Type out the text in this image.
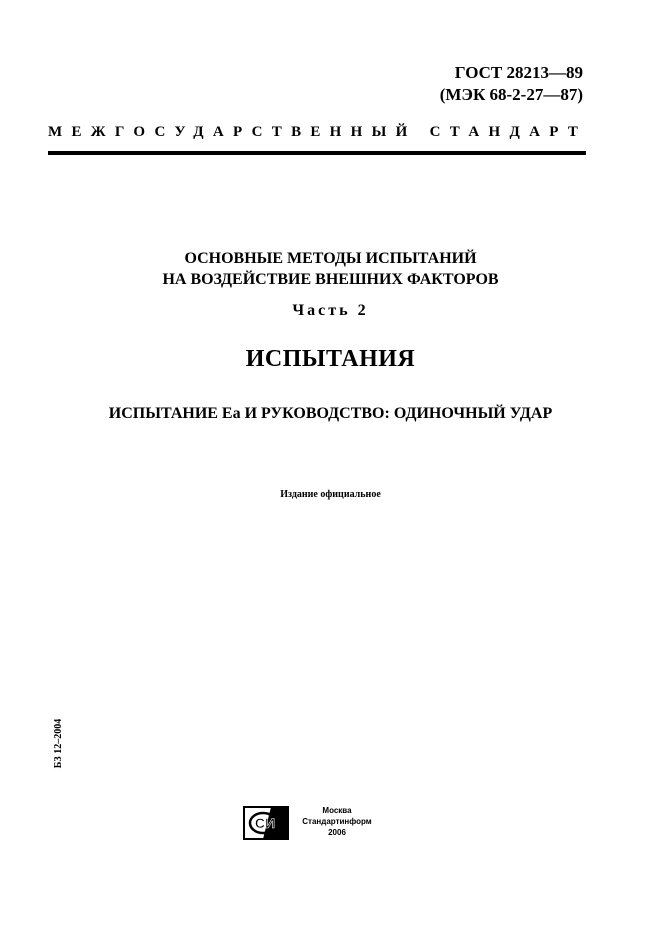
ГОСТ 28213—89
(МЭК 68-2-27—87)
МЕЖГОСУДАРСТВЕННЫЙ СТАНДАРТ
ОСНОВНЫЕ МЕТОДЫ ИСПЫТАНИЙ
НА ВОЗДЕЙСТВИЕ ВНЕШНИХ ФАКТОРОВ
Часть 2
ИСПЫТАНИЯ
ИСПЫТАНИЕ Еа И РУКОВОДСТВО: ОДИНОЧНЫЙ УДАР
Издание официальное
БЗ 12–2004
СИ
Москва
Стандартинформ
2006
